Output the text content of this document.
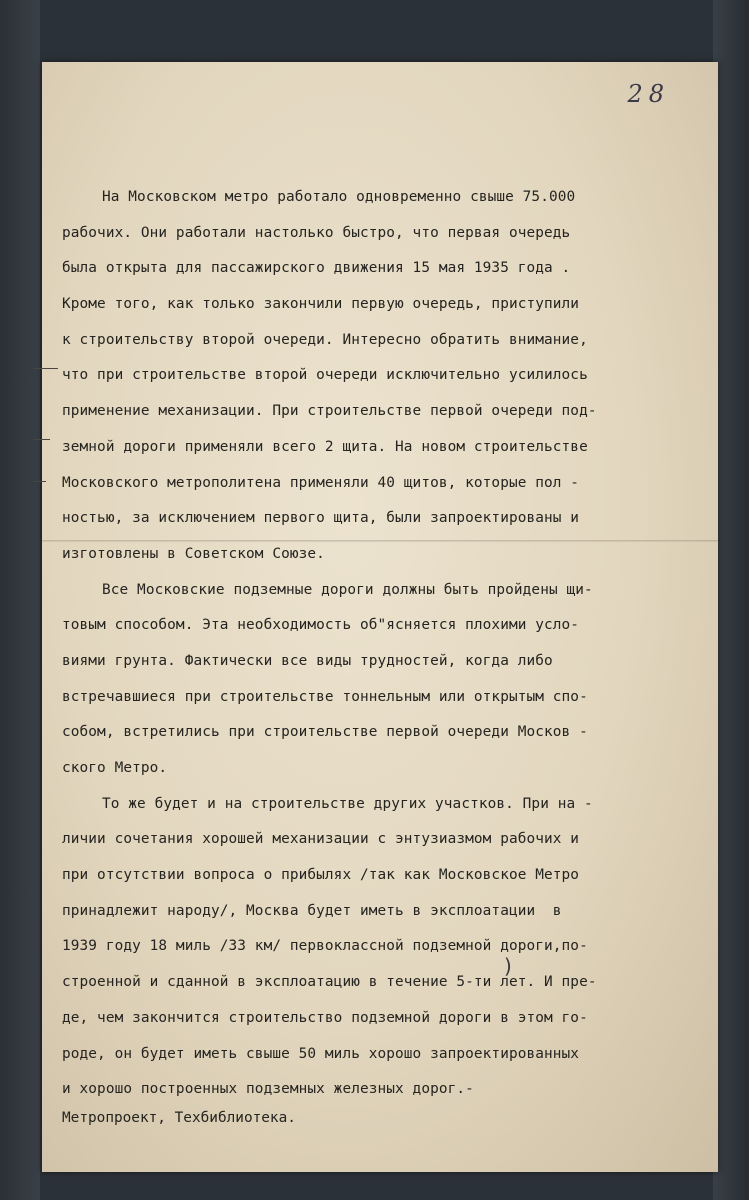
28
На Московском метро работало одновременно свыше 75.000
рабочих. Они работали настолько быстро, что первая очередь
была открыта для пассажирского движения 15 мая 1935 года .
Кроме того, как только закончили первую очередь, приступили
к строительству второй очереди. Интересно обратить внимание,
что при строительстве второй очереди исключительно усилилось
применение механизации. При строительстве первой очереди под-
земной дороги применяли всего 2 щита. На новом строительстве
Московского метрополитена применяли 40 щитов, которые пол -
ностью, за исключением первого щита, были запроектированы и
изготовлены в Советском Союзе.
Все Московские подземные дороги должны быть пройдены щи-
товым способом. Эта необходимость об"ясняется плохими усло-
виями грунта. Фактически все виды трудностей, когда либо
встречавшиеся при строительстве тоннельным или открытым спо-
собом, встретились при строительстве первой очереди Москов -
ского Метро.
То же будет и на строительстве других участков. При на -
личии сочетания хорошей механизации с энтузиазмом рабочих и
при отсутствии вопроса о прибылях /так как Московское Метро
принадлежит народу/, Москва будет иметь в эксплоатации  в
1939 году 18 миль /33 км/ первоклассной подземной дороги,по-
строенной и сданной в эксплоатацию в течение 5-ти лет. И пре-
де, чем закончится строительство подземной дороги в этом го-
роде, он будет иметь свыше 50 миль хорошо запроектированных
и хорошо построенных подземных железных дорог.-
)
Метропроект, Техбиблиотека.
